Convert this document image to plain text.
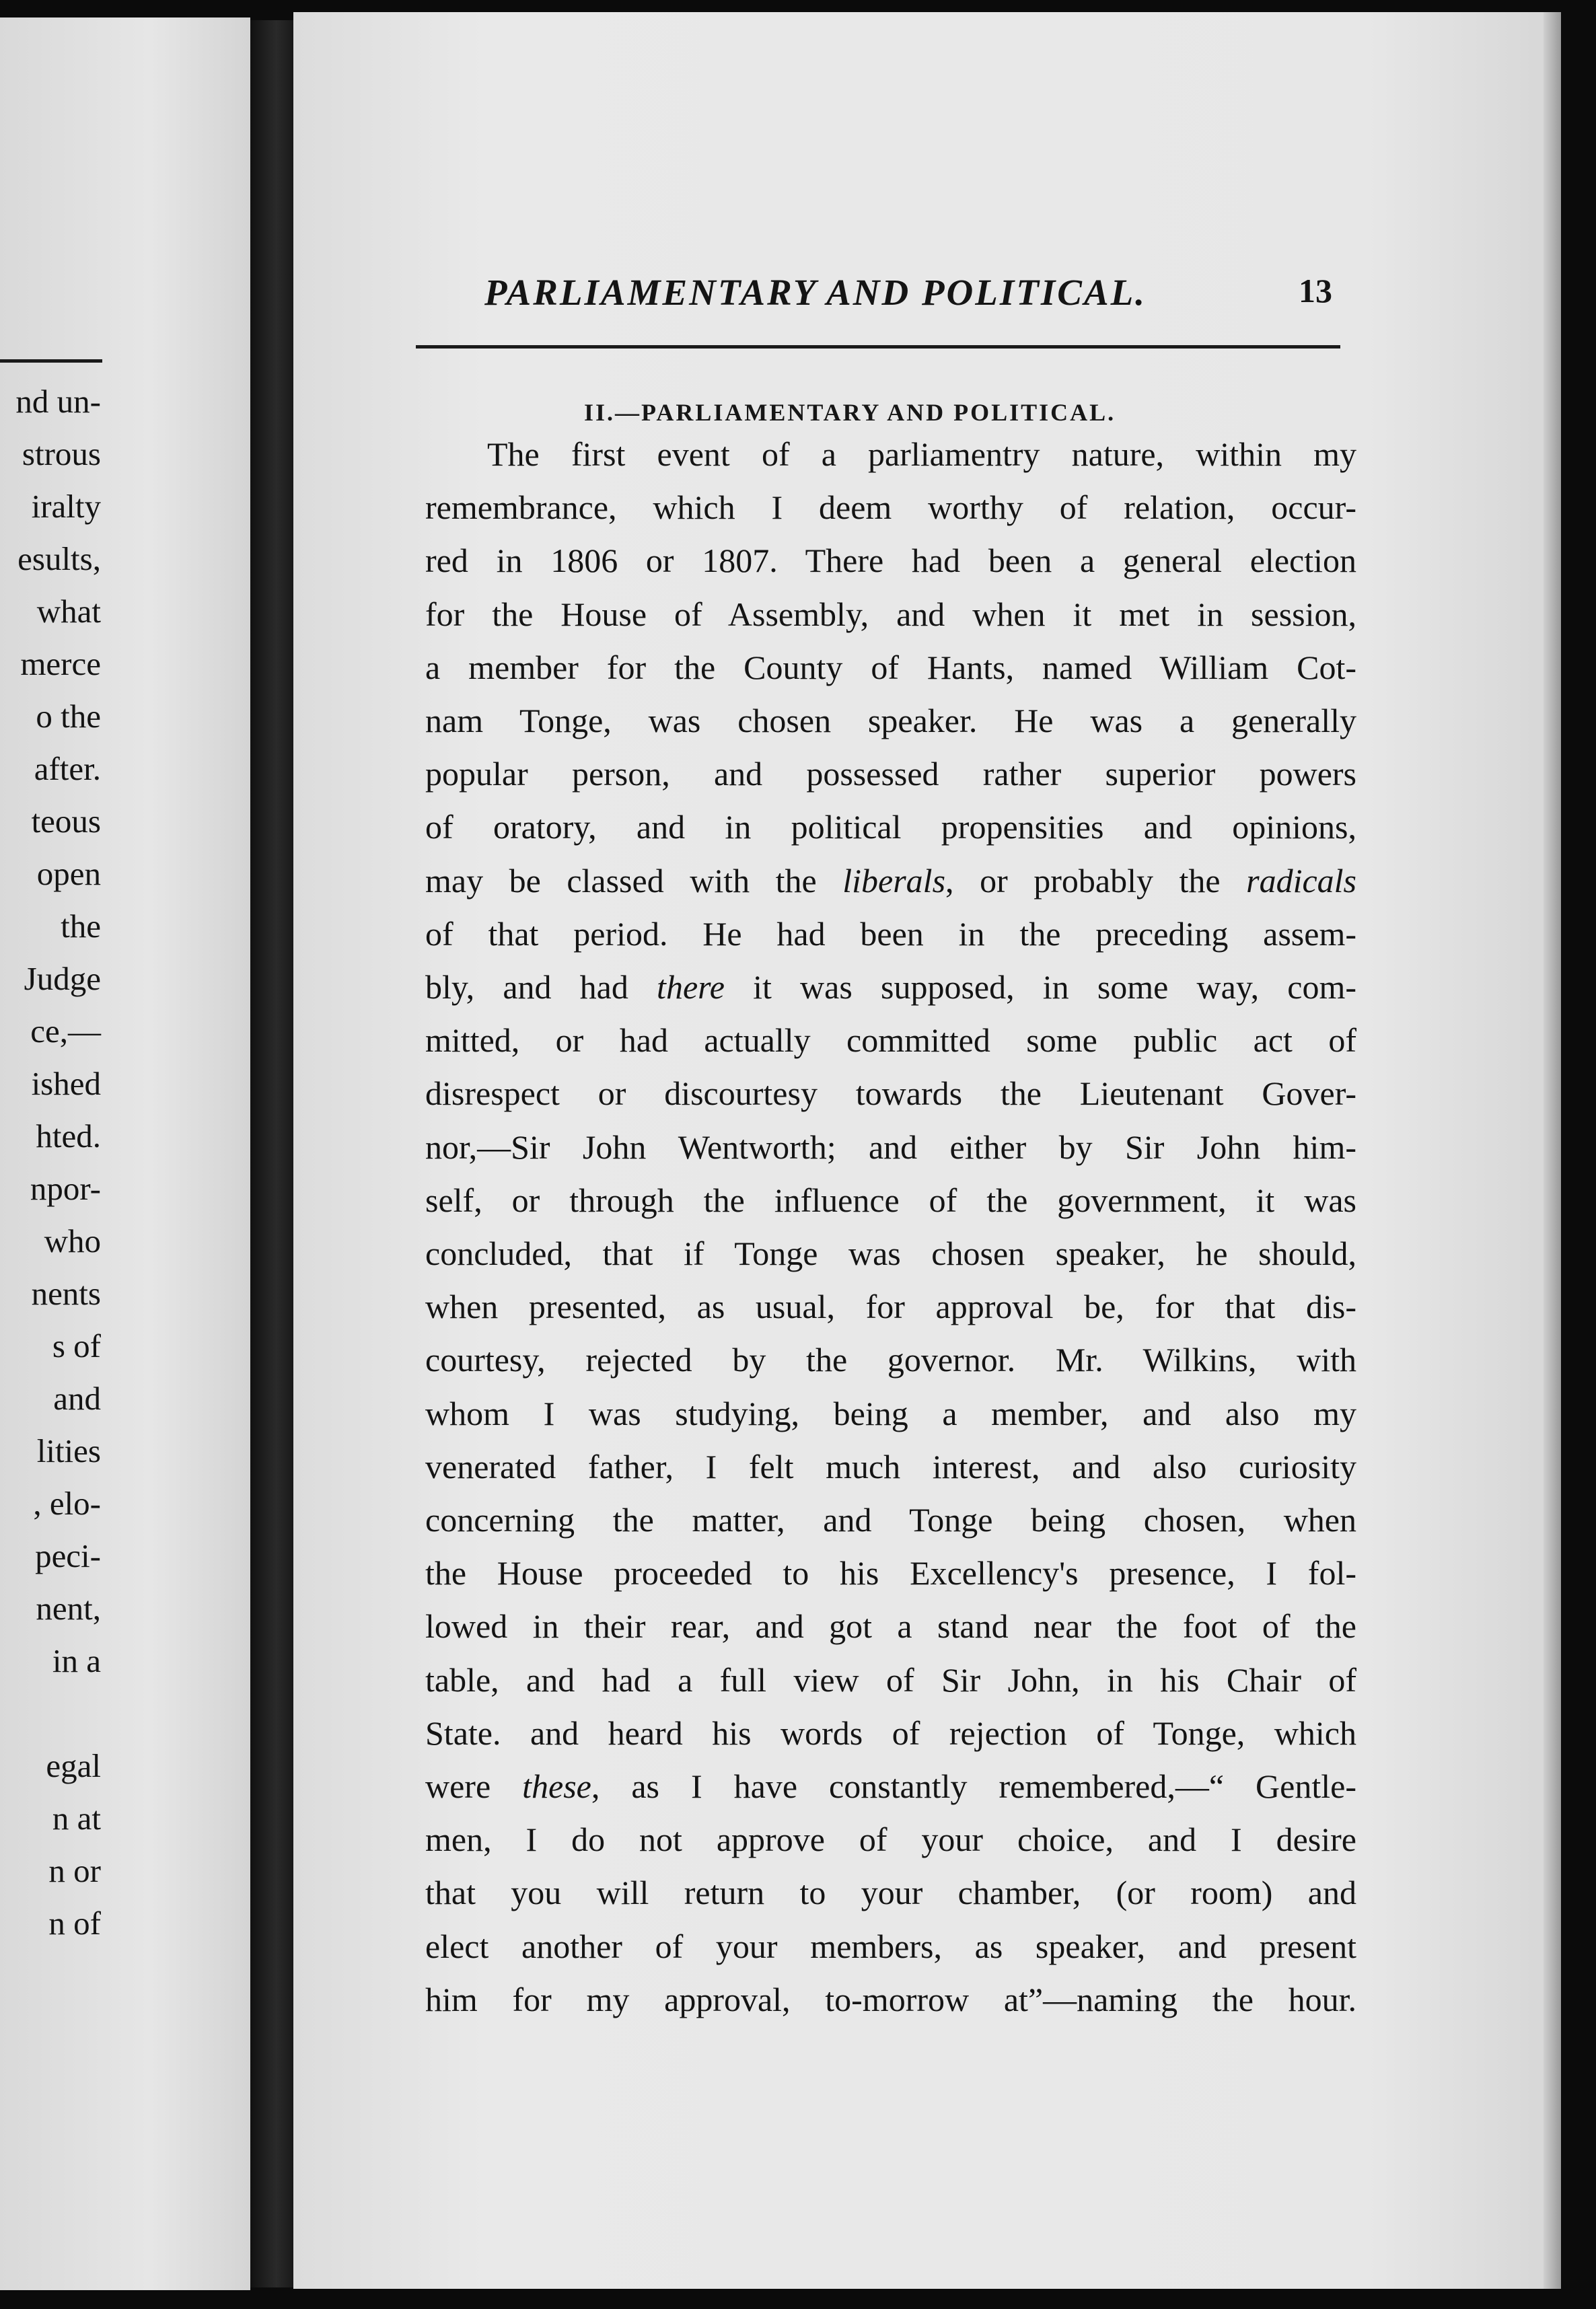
nd un-
strous
iralty
esults,
what
merce
o the
after.
teous
open
the
Judge
ce,—
ished
hted.
npor-
who
nents
s of
and
lities
, elo-
peci-
nent,
in a
egal
n at
n or
n of
PARLIAMENTARY AND POLITICAL.	13
II.—PARLIAMENTARY AND POLITICAL.
The first event of a parliamentry nature, within my
remembrance, which I deem worthy of relation, occur-
red in 1806 or 1807. There had been a general election
for the House of Assembly, and when it met in session,
a member for the County of Hants, named William Cot-
nam Tonge, was chosen speaker. He was a generally
popular person, and possessed rather superior powers
of oratory, and in political propensities and opinions,
may be classed with the liberals, or probably the radicals
of that period. He had been in the preceding assem-
bly, and had there it was supposed, in some way, com-
mitted, or had actually committed some public act of
disrespect or discourtesy towards the Lieutenant Gover-
nor,—Sir John Wentworth; and either by Sir John him-
self, or through the influence of the government, it was
concluded, that if Tonge was chosen speaker, he should,
when presented, as usual, for approval be, for that dis-
courtesy, rejected by the governor. Mr. Wilkins, with
whom I was studying, being a member, and also my
venerated father, I felt much interest, and also curiosity
concerning the matter, and Tonge being chosen, when
the House proceeded to his Excellency's presence, I fol-
lowed in their rear, and got a stand near the foot of the
table, and had a full view of Sir John, in his Chair of
State. and heard his words of rejection of Tonge, which
were these, as I have constantly remembered,—“ Gentle-
men, I do not approve of your choice, and I desire
that you will return to your chamber, (or room) and
elect another of your members, as speaker, and present
him for my approval, to-morrow at”—naming the hour.
